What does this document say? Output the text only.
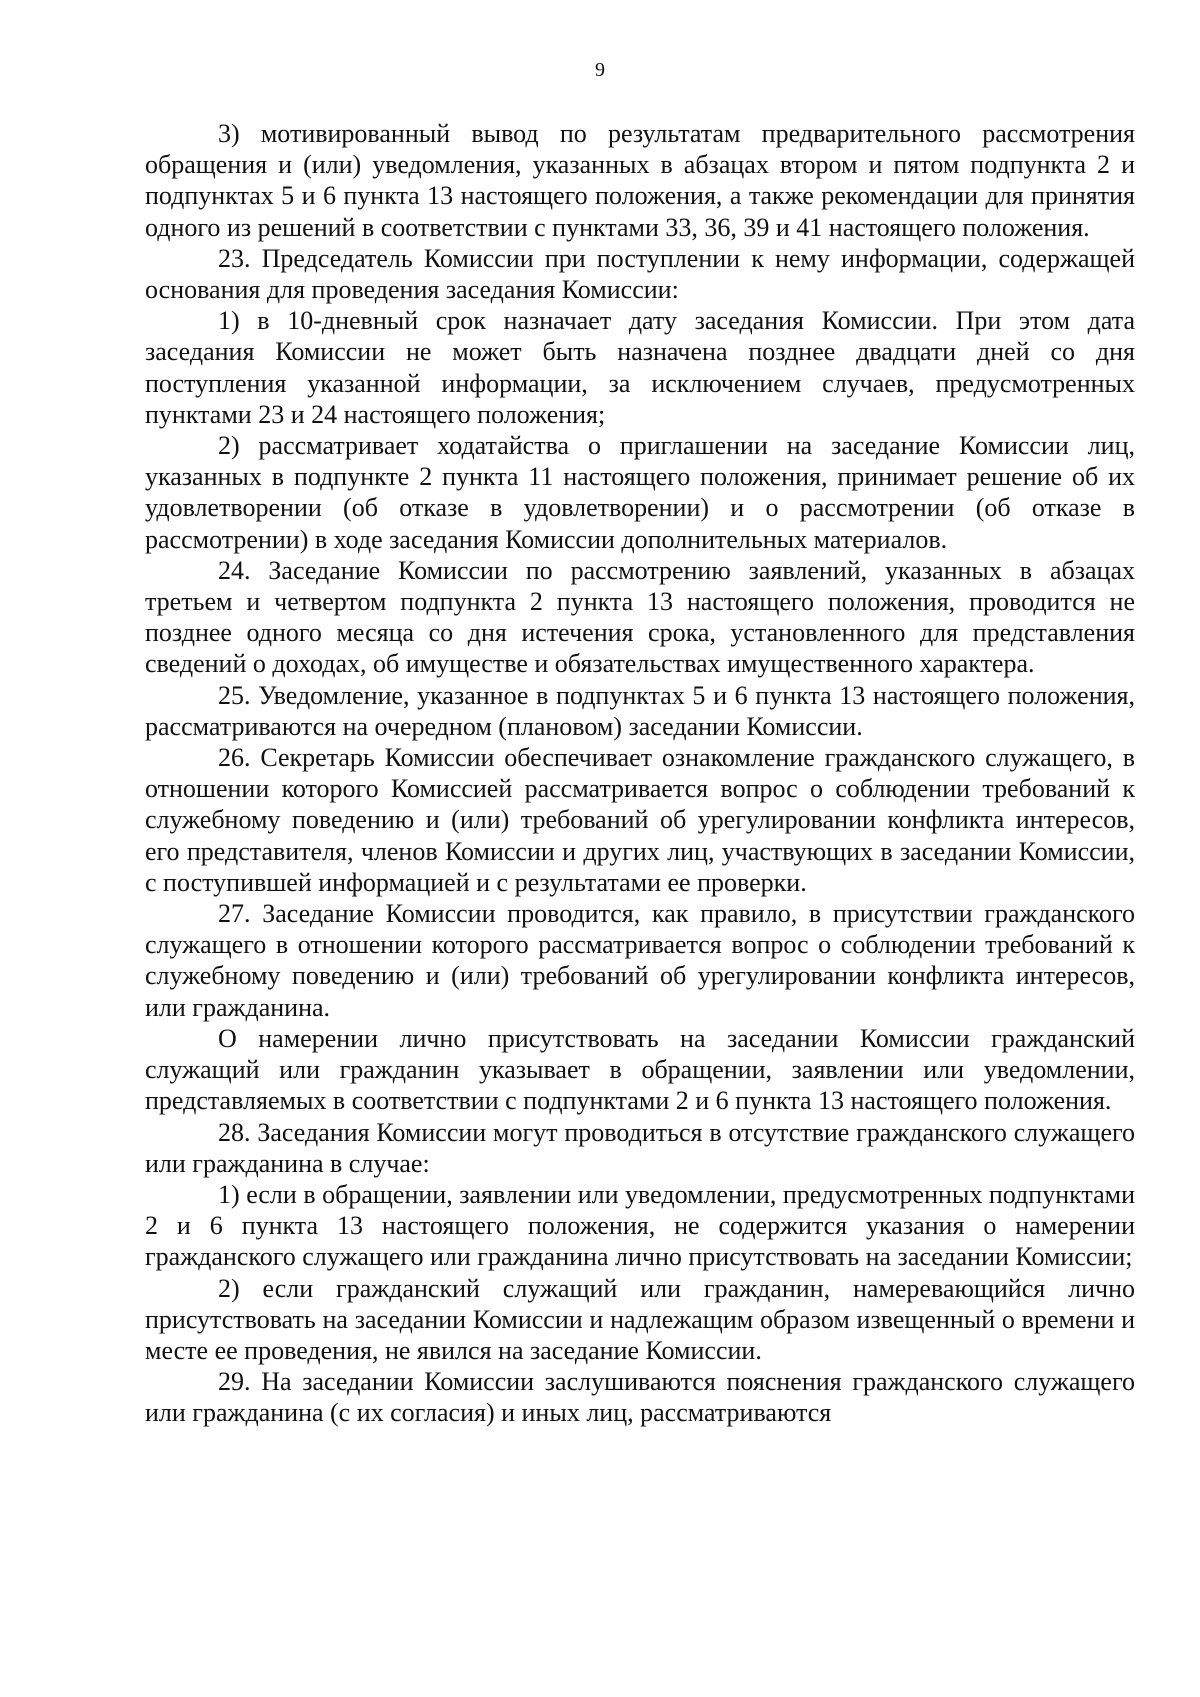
9

3) мотивированный вывод по результатам предварительного рассмотрения обращения и (или) уведомления, указанных в абзацах втором и пятом подпункта 2 и подпунктах 5 и 6 пункта 13 настоящего положения, а также рекомендации для принятия одного из решений в соответствии с пунктами 33, 36, 39 и 41 настоящего положения.

23. Председатель Комиссии при поступлении к нему информации, содержащей основания для проведения заседания Комиссии:

1) в 10-дневный срок назначает дату заседания Комиссии. При этом дата заседания Комиссии не может быть назначена позднее двадцати дней со дня поступления указанной информации, за исключением случаев, предусмотренных пунктами 23 и 24 настоящего положения;

2) рассматривает ходатайства о приглашении на заседание Комиссии лиц, указанных в подпункте 2 пункта 11 настоящего положения, принимает решение об их удовлетворении (об отказе в удовлетворении) и о рассмотрении (об отказе в рассмотрении) в ходе заседания Комиссии дополнительных материалов.

24. Заседание Комиссии по рассмотрению заявлений, указанных в абзацах третьем и четвертом подпункта 2 пункта 13 настоящего положения, проводится не позднее одного месяца со дня истечения срока, установленного для представления сведений о доходах, об имуществе и обязательствах имущественного характера.

25. Уведомление, указанное в подпунктах 5 и 6 пункта 13 настоящего положения, рассматриваются на очередном (плановом) заседании Комиссии.

26. Секретарь Комиссии обеспечивает ознакомление гражданского служащего, в отношении которого Комиссией рассматривается вопрос о соблюдении требований к служебному поведению и (или) требований об урегулировании конфликта интересов, его представителя, членов Комиссии и других лиц, участвующих в заседании Комиссии, с поступившей информацией и с результатами ее проверки.

27. Заседание Комиссии проводится, как правило, в присутствии гражданского служащего в отношении которого рассматривается вопрос о соблюдении требований к служебному поведению и (или) требований об урегулировании конфликта интересов, или гражданина.

О намерении лично присутствовать на заседании Комиссии гражданский служащий или гражданин указывает в обращении, заявлении или уведомлении, представляемых в соответствии с подпунктами 2 и 6 пункта 13 настоящего положения.

28. Заседания Комиссии могут проводиться в отсутствие гражданского служащего или гражданина в случае:

1) если в обращении, заявлении или уведомлении, предусмотренных подпунктами 2 и 6 пункта 13 настоящего положения, не содержится указания о намерении гражданского служащего или гражданина лично присутствовать на заседании Комиссии;

2) если гражданский служащий или гражданин, намеревающийся лично присутствовать на заседании Комиссии и надлежащим образом извещенный о времени и месте ее проведения, не явился на заседание Комиссии.

29. На заседании Комиссии заслушиваются пояснения гражданского служащего или гражданина (с их согласия) и иных лиц, рассматриваются
